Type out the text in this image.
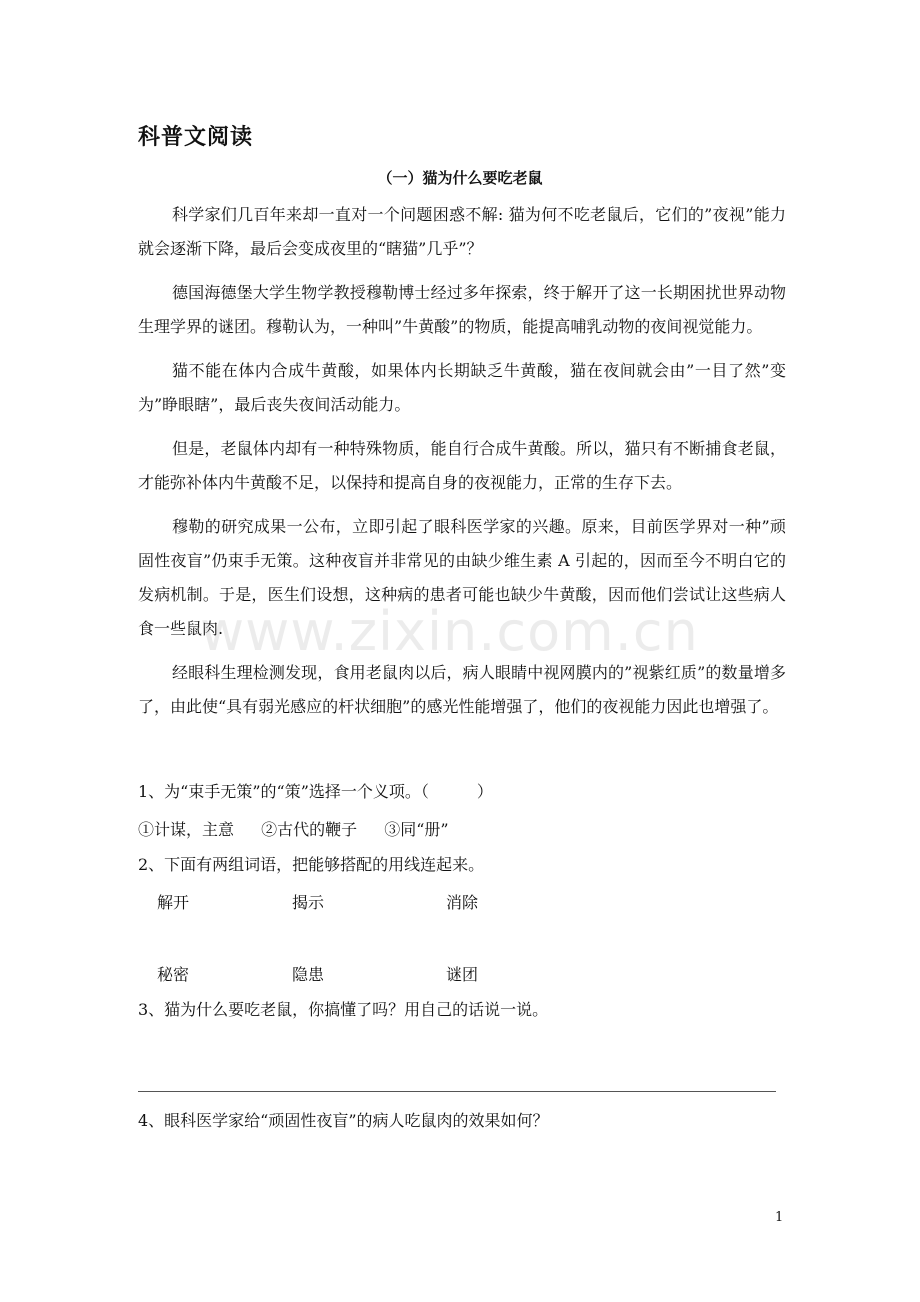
科普文阅读
（一）猫为什么要吃老鼠

科学家们几百年来却一直对一个问题困惑不解: 猫为何不吃老鼠后，它们的”夜视”能力就会逐渐下降，最后会变成夜里的“瞎猫”几乎”？

德国海德堡大学生物学教授穆勒博士经过多年探索，终于解开了这一长期困扰世界动物生理学界的谜团。穆勒认为，一种叫”牛黄酸”的物质，能提高哺乳动物的夜间视觉能力。

猫不能在体内合成牛黄酸，如果体内长期缺乏牛黄酸，猫在夜间就会由”一目了然”变为”睁眼瞎”，最后丧失夜间活动能力。

但是，老鼠体内却有一种特殊物质，能自行合成牛黄酸。所以，猫只有不断捕食老鼠，才能弥补体内牛黄酸不足，以保持和提高自身的夜视能力，正常的生存下去。

穆勒的研究成果一公布，立即引起了眼科医学家的兴趣。原来，目前医学界对一种”顽固性夜盲”仍束手无策。这种夜盲并非常见的由缺少维生素 A 引起的，因而至今不明白它的发病机制。于是，医生们设想，这种病的患者可能也缺少牛黄酸，因而他们尝试让这些病人食一些鼠肉.

经眼科生理检测发现，食用老鼠肉以后，病人眼睛中视网膜内的”视紫红质”的数量增多了，由此使“具有弱光感应的杆状细胞”的感光性能增强了，他们的夜视能力因此也增强了。

1、为“束手无策”的“策”选择一个义项。（　　　）
①计谋，主意 ②古代的鞭子 ③同“册”
2、下面有两组词语，把能够搭配的用线连起来。
解开	揭示	消除
秘密	隐患	谜团
3、猫为什么要吃老鼠，你搞懂了吗？用自己的话说一说。
4、眼科医学家给“顽固性夜盲”的病人吃鼠肉的效果如何？
www.zixin.com.cn
1
